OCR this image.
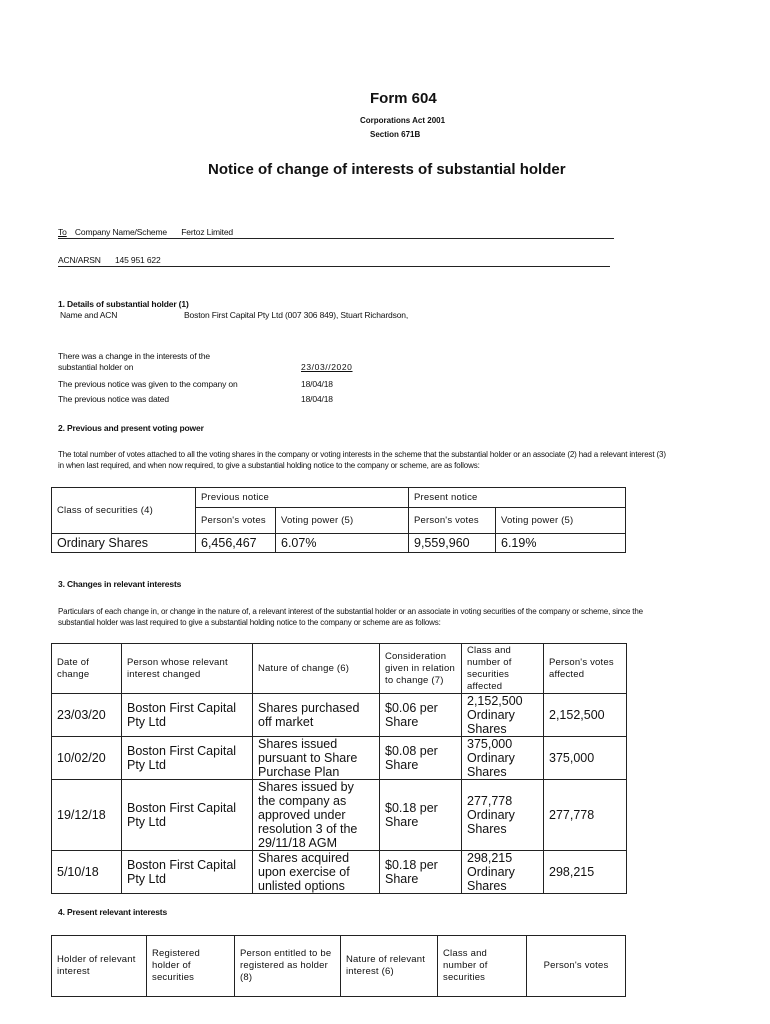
Form 604
Corporations Act 2001
Section 671B
Notice of change of interests of substantial holder
To Company Name/Scheme Fertoz Limited
ACN/ARSN 145 951 622
1. Details of substantial holder (1)
Name and ACN	Boston First Capital Pty Ltd (007 306 849), Stuart Richardson,
There was a change in the interests of the
substantial holder on	23/03//2020
The previous notice was given to the company on	18/04/18
The previous notice was dated	18/04/18
2. Previous and present voting power
The total number of votes attached to all the voting shares in the company or voting interests in the scheme that the substantial holder or an associate (2) had a relevant interest (3)
in when last required, and when now required, to give a substantial holding notice to the company or scheme, are as follows:
Class of securities (4)	Previous notice		Present notice	
	Person's votes	Voting power (5)	Person's votes	Voting power (5)
Ordinary Shares	6,456,467	6.07%	9,559,960	6.19%
3. Changes in relevant interests
Particulars of each change in, or change in the nature of, a relevant interest of the substantial holder or an associate in voting securities of the company or scheme, since the
substantial holder was last required to give a substantial holding notice to the company or scheme are as follows:
Date of change	Person whose relevant interest changed	Nature of change (6)	Consideration given in relation to change (7)	Class and number of securities affected	Person's votes affected
23/03/20	Boston First Capital Pty Ltd	Shares purchased off market	$0.06 per Share	2,152,500 Ordinary Shares	2,152,500
10/02/20	Boston First Capital Pty Ltd	Shares issued pursuant to Share Purchase Plan	$0.08 per Share	375,000 Ordinary Shares	375,000
19/12/18	Boston First Capital Pty Ltd	Shares issued by the company as approved under resolution 3 of the 29/11/18 AGM	$0.18 per Share	277,778 Ordinary Shares	277,778
5/10/18	Boston First Capital Pty Ltd	Shares acquired upon exercise of unlisted options	$0.18 per Share	298,215 Ordinary Shares	298,215
4. Present relevant interests
Holder of relevant interest	Registered holder of securities	Person entitled to be registered as holder (8)	Nature of relevant interest (6)	Class and number of securities	Person's votes
